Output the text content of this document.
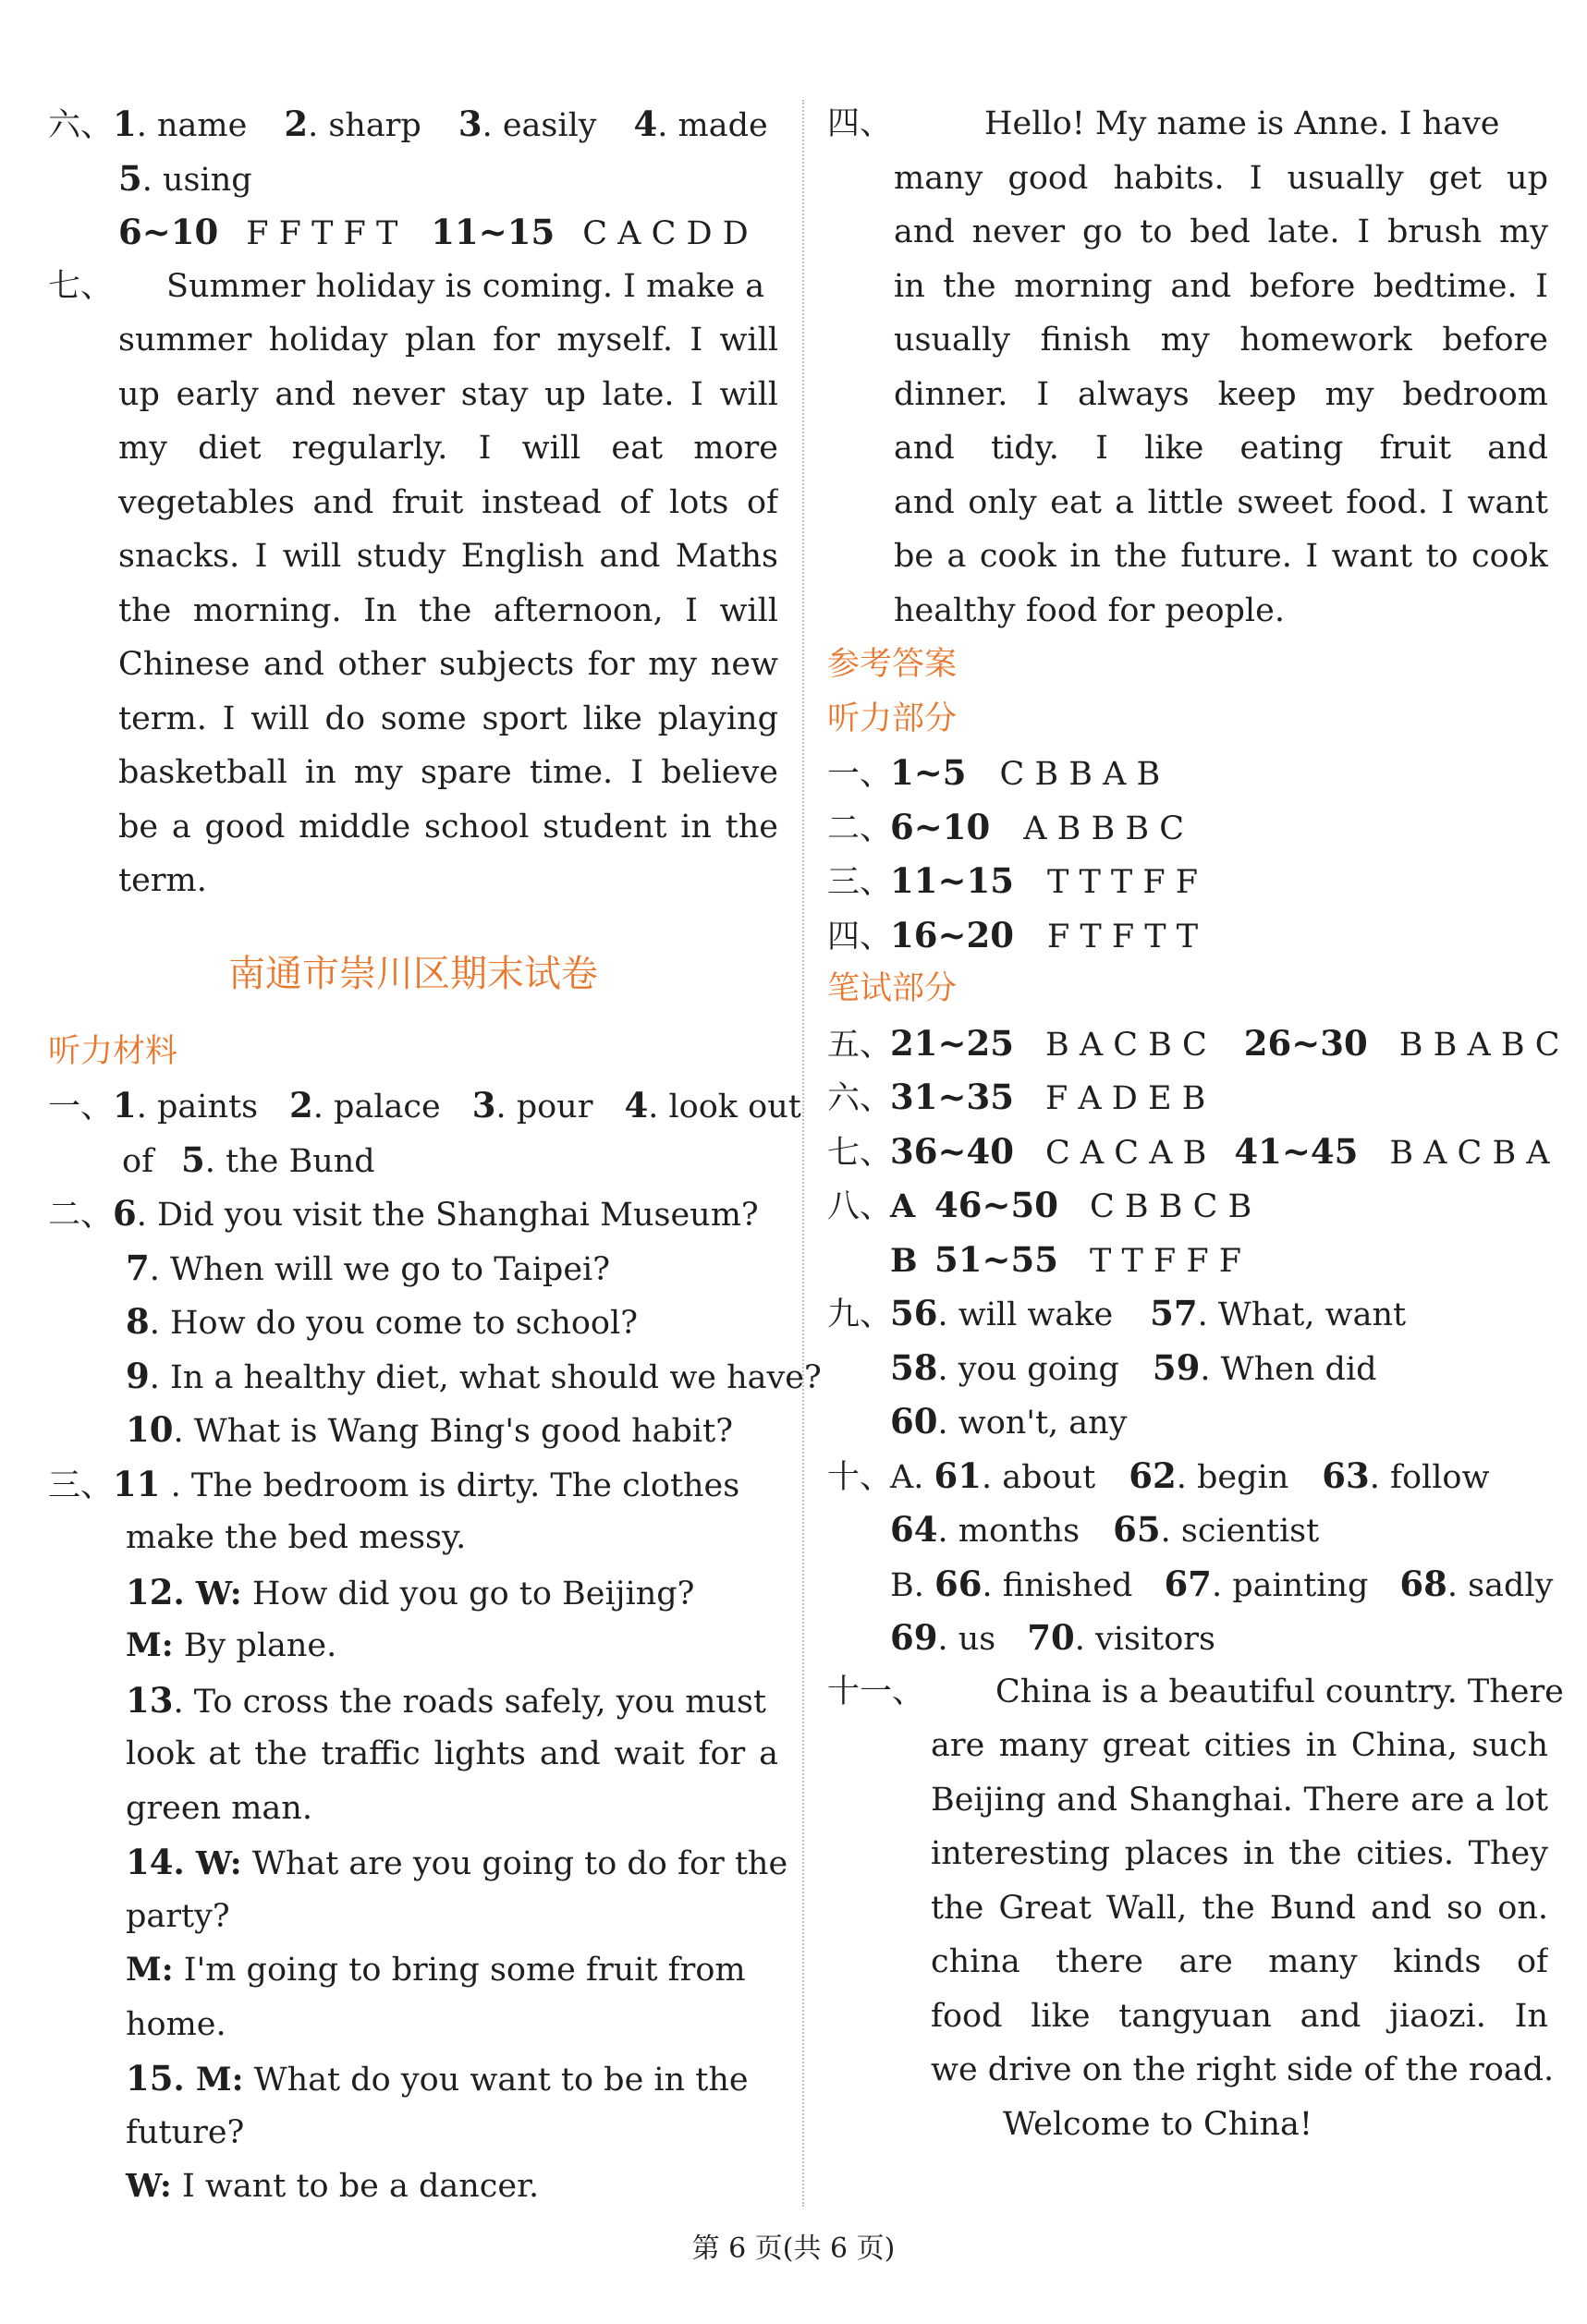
六、1. name 2. sharp 3. easily 4. made
5. using
6~10 F F T F T 11~15 C A C D D
七、 Summer holiday is coming. I make a
summer holiday plan for myself. I will
up early and never stay up late. I will
my diet regularly. I will eat more
vegetables and fruit instead of lots of
snacks. I will study English and Maths
the morning. In the afternoon, I will
Chinese and other subjects for my new
term. I will do some sport like playing
basketball in my spare time. I believe
be a good middle school student in the
term.
南通市崇川区期末试卷
听力材料
一、1. paints 2. palace 3. pour 4. look out
of 5. the Bund
二、6. Did you visit the Shanghai Museum?
7. When will we go to Taipei?
8. How do you come to school?
9. In a healthy diet, what should we have?
10. What is Wang Bing's good habit?
三、11 . The bedroom is dirty. The clothes
make the bed messy.
12. W: How did you go to Beijing?
M: By plane.
13. To cross the roads safely, you must
look at the traffic lights and wait for a
green man.
14. W: What are you going to do for the
party?
M: I'm going to bring some fruit from
home.
15. M: What do you want to be in the
future?
W: I want to be a dancer.
四、	Hello! My name is Anne. I have
many good habits. I usually get up
and never go to bed late. I brush my
in the morning and before bedtime. I
usually finish my homework before
dinner. I always keep my bedroom
and tidy. I like eating fruit and
and only eat a little sweet food. I want
be a cook in the future. I want to cook
healthy food for people.
参考答案
听力部分
一、1~5 C B B A B
二、6~10 A B B B C
三、11~15 T T T F F
四、16~20 F T F T T
笔试部分
五、21~25 B A C B C 26~30 B B A B C
六、31~35 F A D E B
七、36~40 C A C A B 41~45 B A C B A
八、A 46~50 C B B C B
B 51~55 T T F F F
九、56. will wake 57. What, want
58. you going 59. When did
60. won't, any
十、A. 61. about 62. begin 63. follow
64. months 65. scientist
B. 66. finished 67. painting 68. sadly
69. us 70. visitors
十一、 China is a beautiful country. There
are many great cities in China, such
Beijing and Shanghai. There are a lot
interesting places in the cities. They
the Great Wall, the Bund and so on.
china there are many kinds of
food like tangyuan and jiaozi. In
we drive on the right side of the road.
Welcome to China!
第 6 页(共 6 页)
